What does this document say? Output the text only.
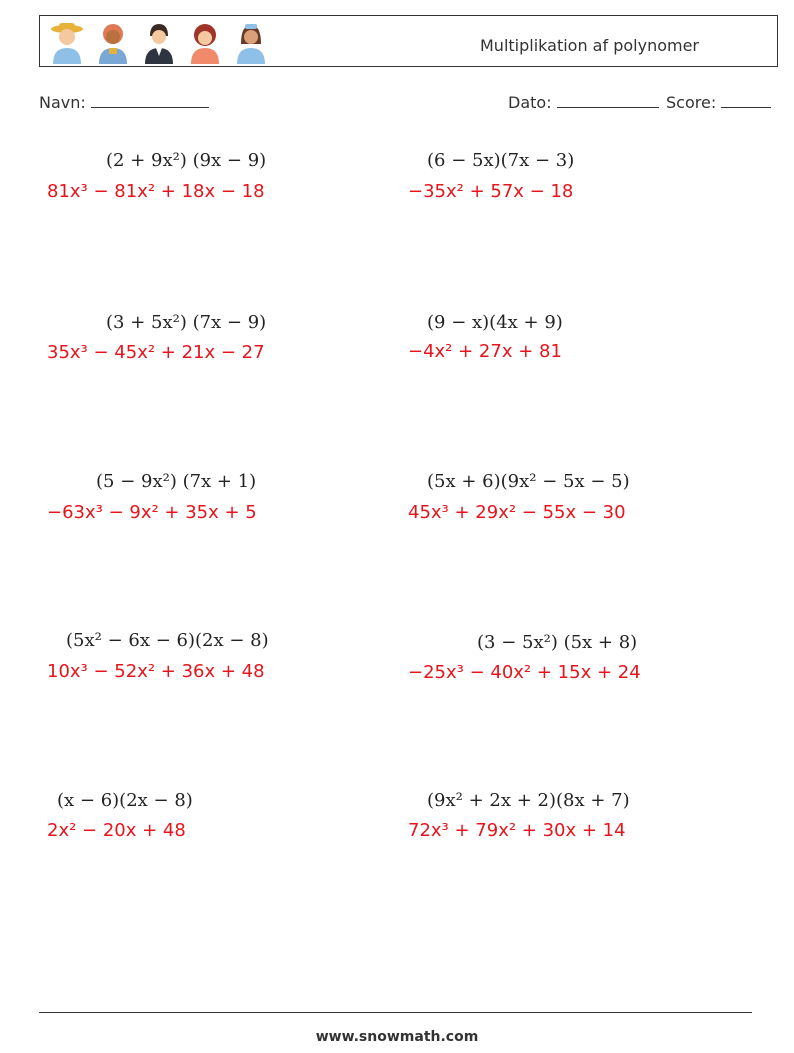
Multiplikation af polynomer
Navn:	Dato:	Score:
(2 + 9x²) (9x − 9)
81x³ − 81x² + 18x − 18
(3 + 5x²) (7x − 9)
35x³ − 45x² + 21x − 27
(5 − 9x²) (7x + 1)
−63x³ − 9x² + 35x + 5
(5x² − 6x − 6)(2x − 8)
10x³ − 52x² + 36x + 48
(x − 6)(2x − 8)
2x² − 20x + 48
(6 − 5x)(7x − 3)
−35x² + 57x − 18
(9 − x)(4x + 9)
−4x² + 27x + 81
(5x + 6)(9x² − 5x − 5)
45x³ + 29x² − 55x − 30
(3 − 5x²) (5x + 8)
−25x³ − 40x² + 15x + 24
(9x² + 2x + 2)(8x + 7)
72x³ + 79x² + 30x + 14
www.snowmath.com
